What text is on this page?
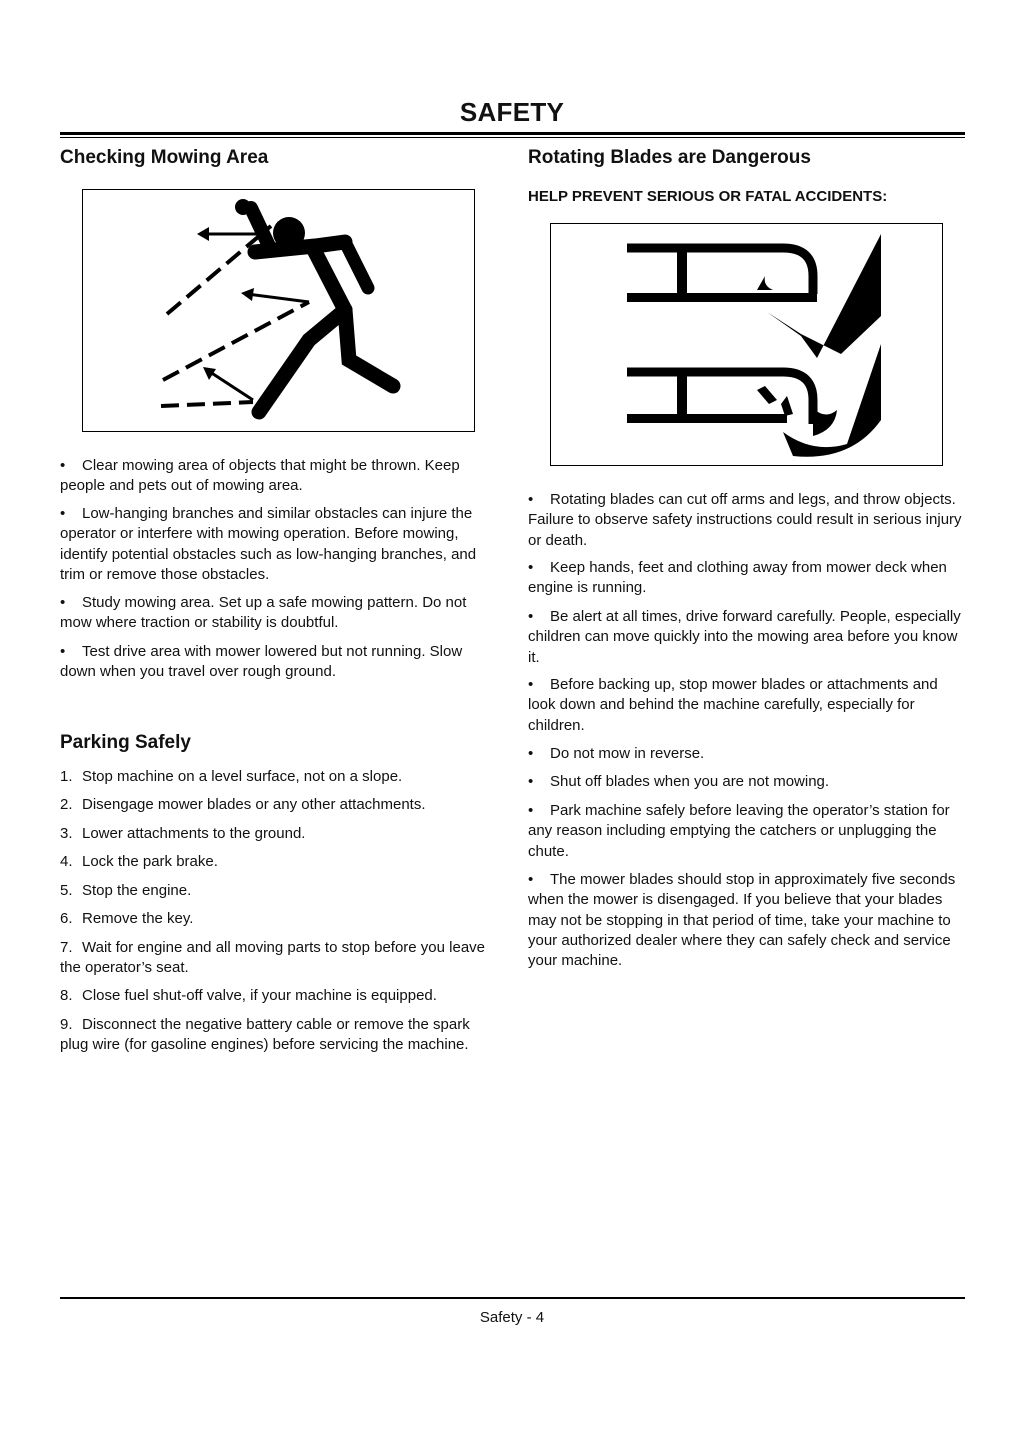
SAFETY
Checking Mowing Area

• Clear mowing area of objects that might be thrown. Keep people and pets out of mowing area.

• Low-hanging branches and similar obstacles can injure the operator or interfere with mowing operation. Before mowing, identify potential obstacles such as low-hanging branches, and trim or remove those obstacles.

• Study mowing area. Set up a safe mowing pattern. Do not mow where traction or stability is doubtful.

• Test drive area with mower lowered but not running. Slow down when you travel over rough ground.

Parking Safely

1. Stop machine on a level surface, not on a slope.

2. Disengage mower blades or any other attachments.

3. Lower attachments to the ground.

4. Lock the park brake.

5. Stop the engine.

6. Remove the key.

7. Wait for engine and all moving parts to stop before you leave the operator’s seat.

8. Close fuel shut-off valve, if your machine is equipped.

9. Disconnect the negative battery cable or remove the spark plug wire (for gasoline engines) before servicing the machine.

Rotating Blades are Dangerous

HELP PREVENT SERIOUS OR FATAL ACCIDENTS:

• Rotating blades can cut off arms and legs, and throw objects. Failure to observe safety instructions could result in serious injury or death.

• Keep hands, feet and clothing away from mower deck when engine is running.

• Be alert at all times, drive forward carefully. People, especially children can move quickly into the mowing area before you know it.

• Before backing up, stop mower blades or attachments and look down and behind the machine carefully, especially for children.

• Do not mow in reverse.

• Shut off blades when you are not mowing.

• Park machine safely before leaving the operator’s station for any reason including emptying the catchers or unplugging the chute.

• The mower blades should stop in approximately five seconds when the mower is disengaged. If you believe that your blades may not be stopping in that period of time, take your machine to your authorized dealer where they can safely check and service your machine.

Safety - 4
